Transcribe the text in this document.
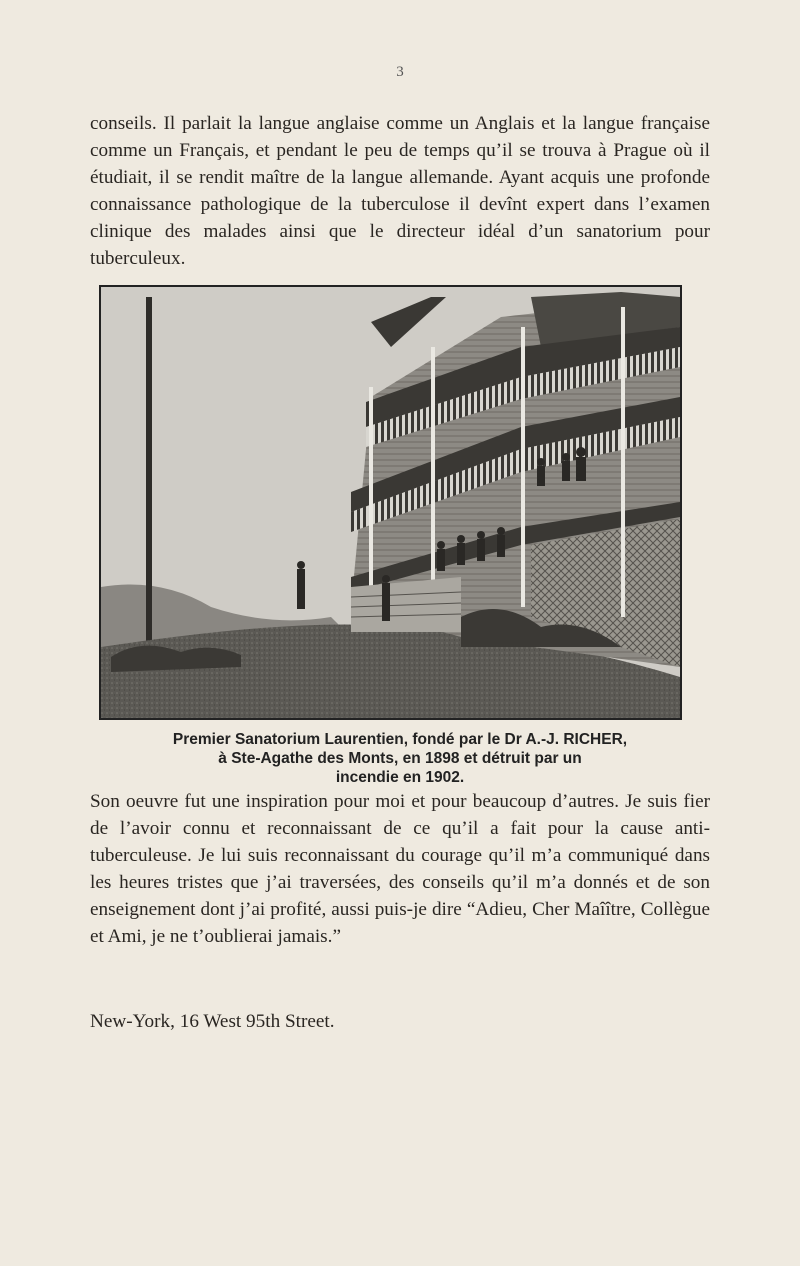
3

conseils. Il parlait la langue anglaise comme un Anglais et la langue française comme un Français, et pendant le peu de temps qu’il se trouva à Prague où il étudiait, il se rendit maître de la langue allemande. Ayant acquis une profonde connaissance pathologique de la tuberculose il devînt expert dans l’examen clinique des malades ainsi que le directeur idéal d’un sanatorium pour tuberculeux.

Premier Sanatorium Laurentien, fondé par le Dr A.-J. RICHER,
à Ste-Agathe des Monts, en 1898 et détruit par un
incendie en 1902.

Son oeuvre fut une inspiration pour moi et pour beaucoup d’autres. Je suis fier de l’avoir connu et reconnaissant de ce qu’il a fait pour la cause anti-tuberculeuse. Je lui suis reconnaissant du courage qu’il m’a communiqué dans les heures tristes que j’ai traversées, des conseils qu’il m’a donnés et de son enseignement dont j’ai profité, aussi puis-je dire “Adieu, Cher Maîître, Collègue et Ami, je ne t’oublierai jamais.”

New-York, 16 West 95th Street.
